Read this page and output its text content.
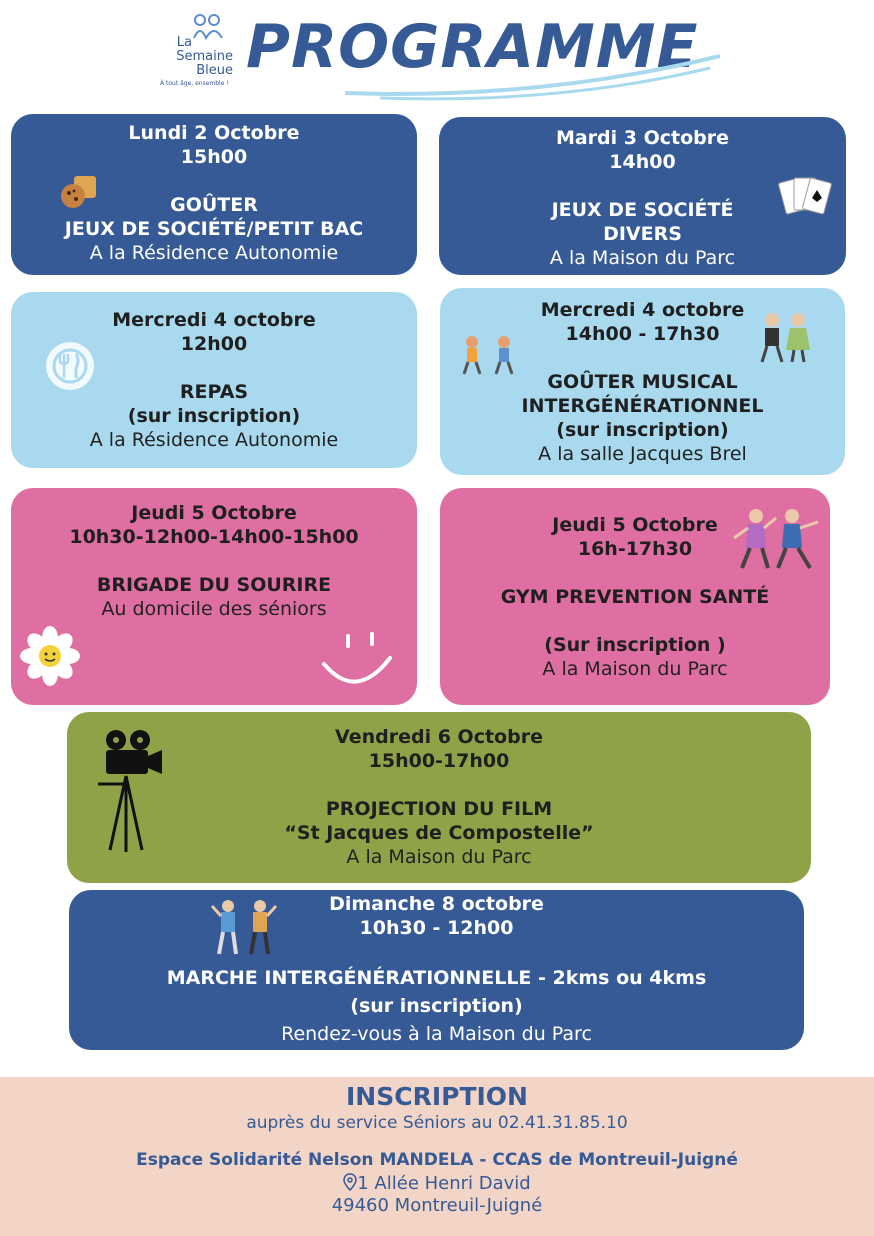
La
Semaine
Bleue
À tout âge, ensemble !
PROGRAMME
Lundi 2 Octobre
15h00

GOÛTER
JEUX DE SOCIÉTÉ/PETIT BAC
A la Résidence Autonomie
Mardi 3 Octobre
14h00

JEUX DE SOCIÉTÉ
DIVERS
A la Maison du Parc
Mercredi 4 octobre
12h00

REPAS
(sur inscription)
A la Résidence Autonomie
Mercredi 4 octobre
14h00 - 17h30

GOÛTER MUSICAL
INTERGÉNÉRATIONNEL
(sur inscription)
A la salle Jacques Brel
Jeudi 5 Octobre
10h30-12h00-14h00-15h00

BRIGADE DU SOURIRE
Au domicile des séniors
Jeudi 5 Octobre
16h-17h30

GYM PREVENTION SANTÉ

(Sur inscription )
A la Maison du Parc
Vendredi 6 Octobre
15h00-17h00

PROJECTION DU FILM
“St Jacques de Compostelle”
A la Maison du Parc
Dimanche 8 octobre
10h30 - 12h00

MARCHE INTERGÉNÉRATIONNELLE - 2kms ou 4kms
(sur inscription)
Rendez-vous à la Maison du Parc
INSCRIPTION
auprès du service Séniors au 02.41.31.85.10
Espace Solidarité Nelson MANDELA - CCAS de Montreuil-Juigné
1 Allée Henri David
49460 Montreuil-Juigné
